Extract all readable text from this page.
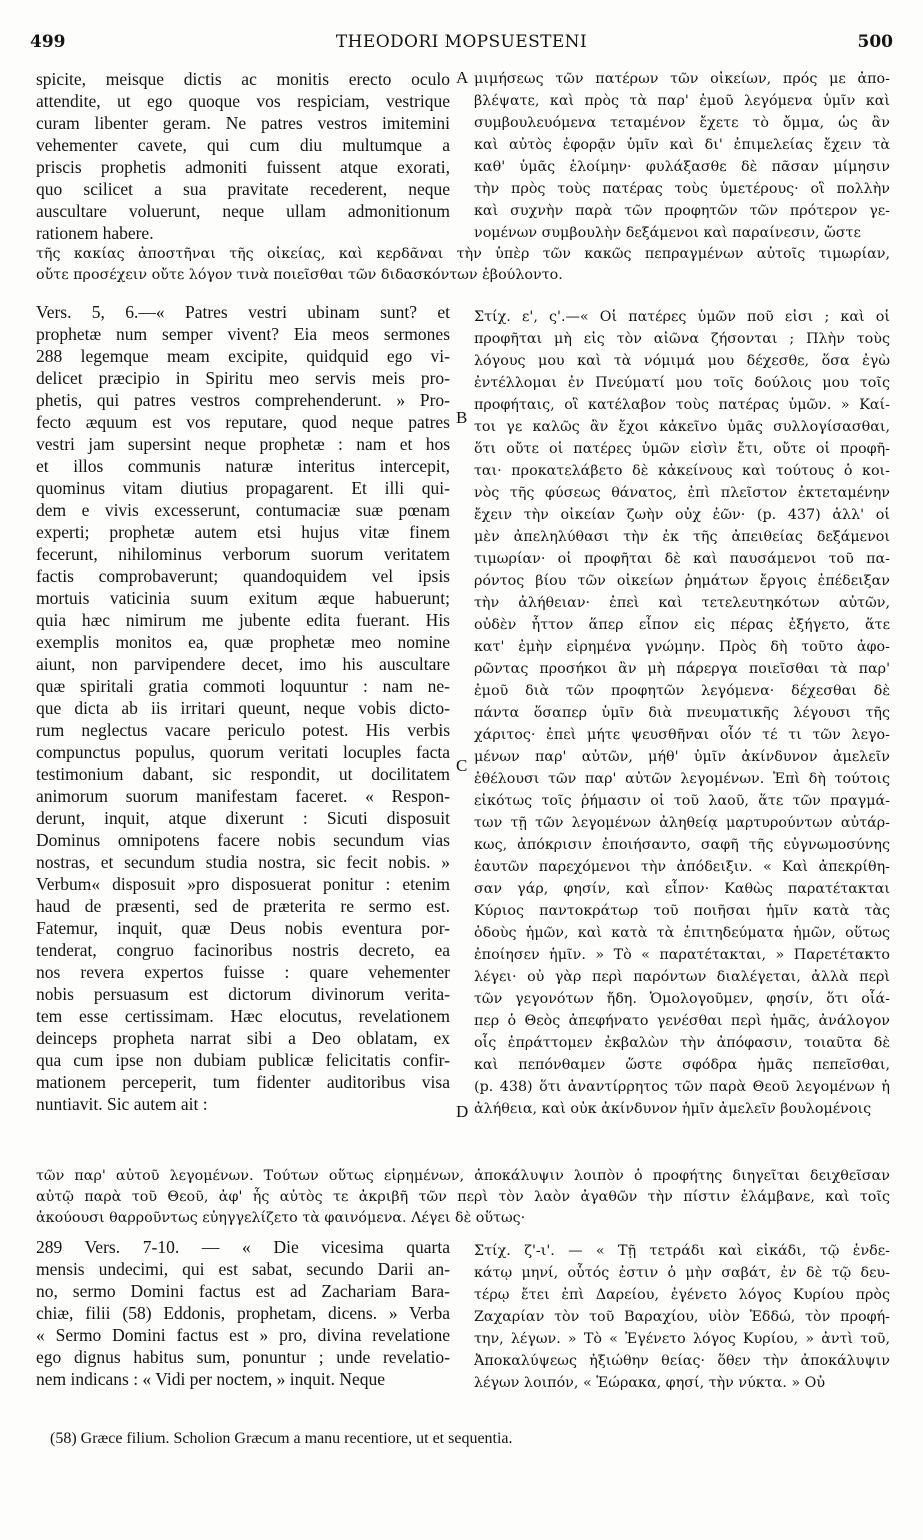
499	THEODORI MOPSUESTENI	500
spicite, meisque dictis ac monitis erecto oculo
attendite, ut ego quoque vos respiciam, vestrique
curam libenter geram. Ne patres vestros imitemini
vehementer cavete, qui cum diu multumque a
priscis prophetis admoniti fuissent atque exorati,
quo scilicet a sua pravitate recederent, neque
auscultare voluerunt, neque ullam admonitionum
rationem habere.
μιμήσεως τῶν πατέρων τῶν οἰκείων, πρός με ἀπο-
βλέψατε, καὶ πρὸς τὰ παρ' ἐμοῦ λεγόμενα ὑμῖν καὶ
συμβουλευόμενα τεταμένον ἔχετε τὸ ὄμμα, ὡς ἂν
καὶ αὐτὸς ἐφορᾷν ὑμῖν καὶ δι' ἐπιμελείας ἔχειν τὰ
καθ' ὑμᾶς ἑλοίμην· φυλάξασθε δὲ πᾶσαν μίμησιν
τὴν πρὸς τοὺς πατέρας τοὺς ὑμετέρους· οἳ πολλὴν
καὶ συχνὴν παρὰ τῶν προφητῶν τῶν πρότερον γε-
νομένων συμβουλὴν δεξάμενοι καὶ παραίνεσιν, ὥστε
τῆς κακίας ἀποστῆναι τῆς οἰκείας, καὶ κερδᾶναι τὴν ὑπὲρ τῶν κακῶς πεπραγμένων αὐτοῖς τιμωρίαν,
οὔτε προσέχειν οὔτε λόγον τινὰ ποιεῖσθαι τῶν διδασκόντων ἐβούλοντο.
Vers. 5, 6.—« Patres vestri ubinam sunt? et
prophetæ num semper vivent? Eia meos sermones
288 legemque meam excipite, quidquid ego vi-
delicet præcipio in Spiritu meo servis meis pro-
phetis, qui patres vestros comprehenderunt. » Pro-
fecto æquum est vos reputare, quod neque patres
vestri jam supersint neque prophetæ : nam et hos
et illos communis naturæ interitus intercepit,
quominus vitam diutius propagarent. Et illi qui-
dem e vivis excesserunt, contumaciæ suæ pœnam
experti; prophetæ autem etsi hujus vitæ finem
fecerunt, nihilominus verborum suorum veritatem
factis comprobaverunt; quandoquidem vel ipsis
mortuis vaticinia suum exitum æque habuerunt;
quia hæc nimirum me jubente edita fuerant. His
exemplis monitos ea, quæ prophetæ meo nomine
aiunt, non parvipendere decet, imo his auscultare
quæ spiritali gratia commoti loquuntur : nam ne-
que dicta ab iis irritari queunt, neque vobis dicto-
rum neglectus vacare periculo potest. His verbis
compunctus populus, quorum veritati locuples facta
testimonium dabant, sic respondit, ut docilitatem
animorum suorum manifestam faceret. « Respon-
derunt, inquit, atque dixerunt : Sicuti disposuit
Dominus omnipotens facere nobis secundum vias
nostras, et secundum studia nostra, sic fecit nobis. »
Verbum« disposuit »pro disposuerat ponitur : etenim
haud de præsenti, sed de præterita re sermo est.
Fatemur, inquit, quæ Deus nobis eventura por-
tenderat, congruo facinoribus nostris decreto, ea
nos revera expertos fuisse : quare vehementer
nobis persuasum est dictorum divinorum verita-
tem esse certissimam. Hæc elocutus, revelationem
deinceps propheta narrat sibi a Deo oblatam, ex
qua cum ipse non dubiam publicæ felicitatis confir-
mationem perceperit, tum fidenter auditoribus visa
nuntiavit. Sic autem ait :
Στίχ. ε', ς'.—« Οἱ πατέρες ὑμῶν ποῦ εἰσι ; καὶ οἱ
προφῆται μὴ εἰς τὸν αἰῶνα ζήσονται ; Πλὴν τοὺς
λόγους μου καὶ τὰ νόμιμά μου δέχεσθε, ὅσα ἐγὼ
ἐντέλλομαι ἐν Πνεύματί μου τοῖς δούλοις μου τοῖς
προφήταις, οἳ κατέλαβον τοὺς πατέρας ὑμῶν. » Καί-
τοι γε καλῶς ἂν ἔχοι κἀκεῖνο ὑμᾶς συλλογίσασθαι,
ὅτι οὔτε οἱ πατέρες ὑμῶν εἰσὶν ἔτι, οὔτε οἱ προφῆ-
ται· προκατελάβετο δὲ κἀκείνους καὶ τούτους ὁ κοι-
νὸς τῆς φύσεως θάνατος, ἐπὶ πλεῖστον ἐκτεταμένην
ἔχειν τὴν οἰκείαν ζωὴν οὐχ ἐῶν· (p. 437) ἀλλ' οἱ
μὲν ἀπεληλύθασι τὴν ἐκ τῆς ἀπειθείας δεξάμενοι
τιμωρίαν· οἱ προφῆται δὲ καὶ παυσάμενοι τοῦ πα-
ρόντος βίου τῶν οἰκείων ῥημάτων ἔργοις ἐπέδειξαν
τὴν ἀλήθειαν· ἐπεὶ καὶ τετελευτηκότων αὐτῶν,
οὐδὲν ἧττον ἅπερ εἶπον εἰς πέρας ἐξήγετο, ἅτε
κατ' ἐμὴν εἰρημένα γνώμην. Πρὸς δὴ τοῦτο ἀφο-
ρῶντας προσήκοι ἂν μὴ πάρεργα ποιεῖσθαι τὰ παρ'
ἐμοῦ διὰ τῶν προφητῶν λεγόμενα· δέχεσθαι δὲ
πάντα ὅσαπερ ὑμῖν διὰ πνευματικῆς λέγουσι τῆς
χάριτος· ἐπεὶ μήτε ψευσθῆναι οἷόν τέ τι τῶν λεγο-
μένων παρ' αὐτῶν, μήθ' ὑμῖν ἀκίνδυνον ἀμελεῖν
ἐθέλουσι τῶν παρ' αὐτῶν λεγομένων. Ἐπὶ δὴ τούτοις
εἰκότως τοῖς ῥήμασιν οἱ τοῦ λαοῦ, ἅτε τῶν πραγμά-
των τῇ τῶν λεγομένων ἀληθείᾳ μαρτυρούντων αὐτάρ-
κως, ἀπόκρισιν ἐποιήσαντο, σαφῆ τῆς εὐγνωμοσύνης
ἑαυτῶν παρεχόμενοι τὴν ἀπόδειξιν. « Καὶ ἀπεκρίθη-
σαν γάρ, φησίν, καὶ εἶπον· Καθὼς παρατέτακται
Κύριος παντοκράτωρ τοῦ ποιῆσαι ἡμῖν κατὰ τὰς
ὁδοὺς ἡμῶν, καὶ κατὰ τὰ ἐπιτηδεύματα ἡμῶν, οὕτως
ἐποίησεν ἡμῖν. » Τὸ « παρατέτακται, » Παρετέτακτο
λέγει· οὐ γὰρ περὶ παρόντων διαλέγεται, ἀλλὰ περὶ
τῶν γεγονότων ἤδη. Ὁμολογοῦμεν, φησίν, ὅτι οἷά-
περ ὁ Θεὸς ἀπεφήνατο γενέσθαι περὶ ἡμᾶς, ἀνάλογον
οἷς ἐπράττομεν ἐκβαλὼν τὴν ἀπόφασιν, τοιαῦτα δὲ
καὶ πεπόνθαμεν ὥστε σφόδρα ἡμᾶς πεπεῖσθαι,
(p. 438) ὅτι ἀναντίρρητος τῶν παρὰ Θεοῦ λεγομένων ἡ
ἀλήθεια, καὶ οὐκ ἀκίνδυνον ἡμῖν ἀμελεῖν βουλομένοις
τῶν παρ' αὐτοῦ λεγομένων. Τούτων οὕτως εἰρημένων, ἀποκάλυψιν λοιπὸν ὁ προφήτης διηγεῖται δειχθεῖσαν
αὐτῷ παρὰ τοῦ Θεοῦ, ἀφ' ἧς αὐτὸς τε ἀκριβῆ τῶν περὶ τὸν λαὸν ἀγαθῶν τὴν πίστιν ἐλάμβανε, καὶ τοῖς
ἀκούουσι θαρροῦντως εὐηγγελίζετο τὰ φαινόμενα. Λέγει δὲ οὕτως·
289 Vers. 7-10. — « Die vicesima quarta
mensis undecimi, qui est sabat, secundo Darii an-
no, sermo Domini factus est ad Zachariam Bara-
chiæ, filii (58) Eddonis, prophetam, dicens. » Verba
« Sermo Domini factus est » pro, divina revelatione
ego dignus habitus sum, ponuntur ; unde revelatio-
nem indicans : « Vidi per noctem, » inquit. Neque
Στίχ. ζ'-ι'. — « Τῇ τετράδι καὶ εἰκάδι, τῷ ἑνδε-
κάτῳ μηνί, οὗτός ἐστιν ὁ μὴν σαβάτ, ἐν δὲ τῷ δευ-
τέρῳ ἔτει ἐπὶ Δαρείου, ἐγένετο λόγος Κυρίου πρὸς
Ζαχαρίαν τὸν τοῦ Βαραχίου, υἱὸν Ἐδδώ, τὸν προφή-
την, λέγων. » Τὸ « Ἐγένετο λόγος Κυρίου, » ἀντὶ τοῦ,
Ἀποκαλύψεως ἠξιώθην θείας· ὅθεν τὴν ἀποκάλυψιν
λέγων λοιπόν, « Ἑώρακα, φησί, τὴν νύκτα. » Οὐ
A
B
C
D
(58) Græce filium. Scholion Græcum a manu recentiore, ut et sequentia.
